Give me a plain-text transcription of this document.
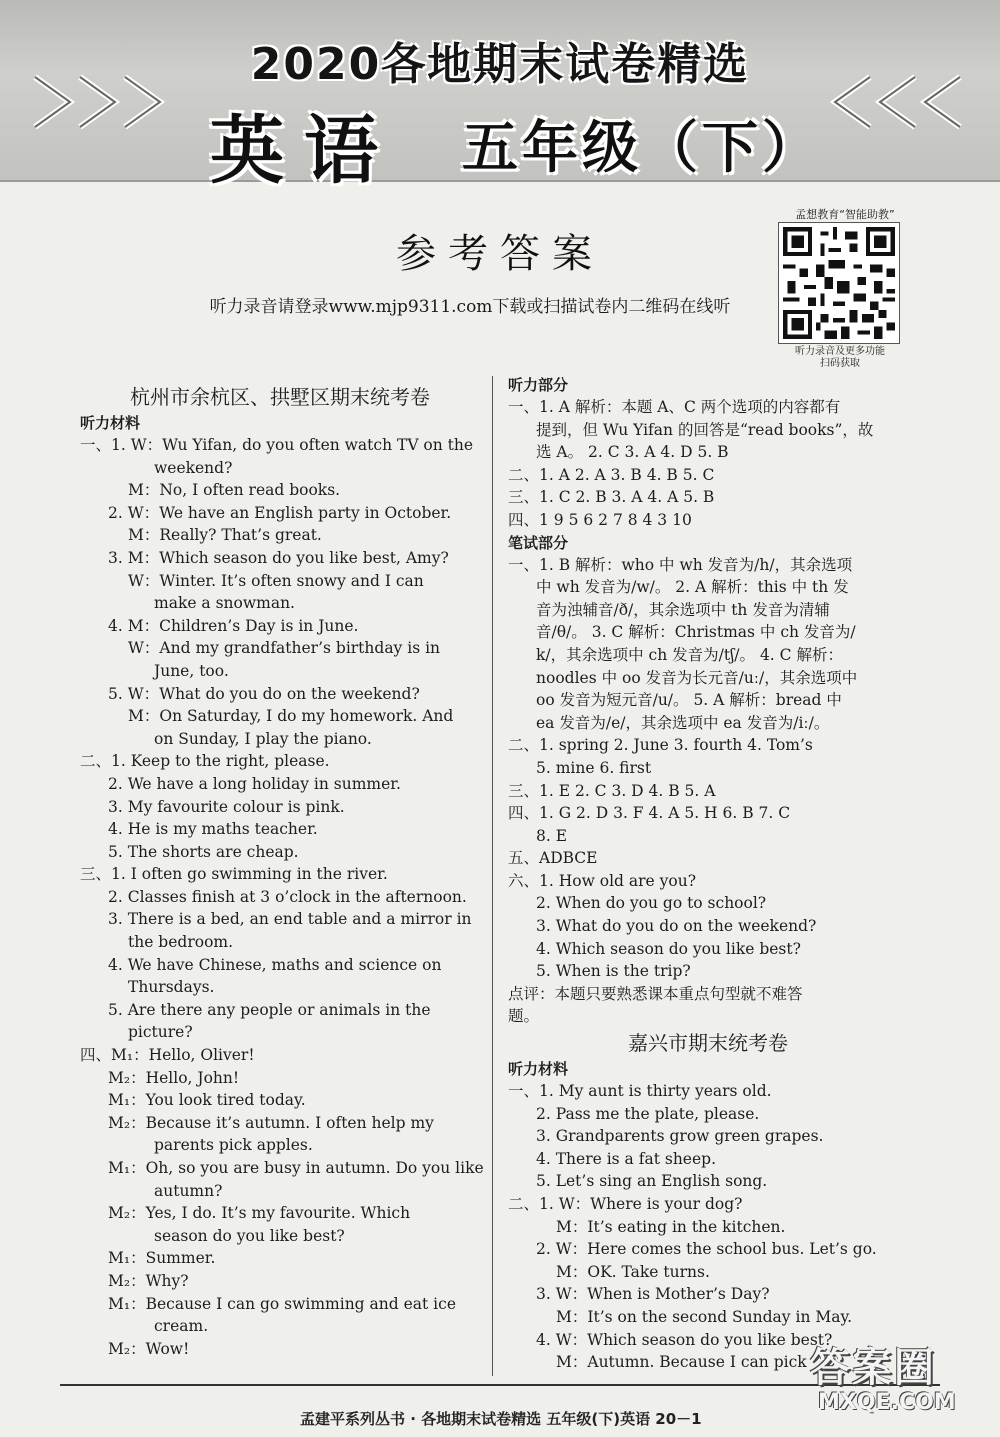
2020各地期末试卷精选
英语 五年级（下）
参考答案
听力录音请登录www.mjp9311.com下载或扫描试卷内二维码在线听
孟想教育“智能助教”
听力录音及更多功能
扫码获取
杭州市余杭区、拱墅区期末统考卷
听力材料
一、1. W：Wu Yifan, do you often watch TV on the
weekend?
M：No, I often read books.
2. W：We have an English party in October.
M：Really? That’s great.
3. M：Which season do you like best, Amy?
W：Winter. It’s often snowy and I can
make a snowman.
4. M：Children’s Day is in June.
W：And my grandfather’s birthday is in
June, too.
5. W：What do you do on the weekend?
M：On Saturday, I do my homework. And
on Sunday, I play the piano.
二、1. Keep to the right, please.
2. We have a long holiday in summer.
3. My favourite colour is pink.
4. He is my maths teacher.
5. The shorts are cheap.
三、1. I often go swimming in the river.
2. Classes finish at 3 o’clock in the afternoon.
3. There is a bed, an end table and a mirror in
the bedroom.
4. We have Chinese, maths and science on
Thursdays.
5. Are there any people or animals in the
picture?
四、M₁：Hello, Oliver!
M₂：Hello, John!
M₁：You look tired today.
M₂：Because it’s autumn. I often help my
parents pick apples.
M₁：Oh, so you are busy in autumn. Do you like
autumn?
M₂：Yes, I do. It’s my favourite. Which
season do you like best?
M₁：Summer.
M₂：Why?
M₁：Because I can go swimming and eat ice
cream.
M₂：Wow!
听力部分
一、1. A 解析：本题 A、C 两个选项的内容都有
提到，但 Wu Yifan 的回答是“read books”，故
选 A。 2. C 3. A 4. D 5. B
二、1. A 2. A 3. B 4. B 5. C
三、1. C 2. B 3. A 4. A 5. B
四、1 9 5 6 2 7 8 4 3 10
笔试部分
一、1. B 解析：who 中 wh 发音为/h/，其余选项
中 wh 发音为/w/。 2. A 解析：this 中 th 发
音为浊辅音/ð/，其余选项中 th 发音为清辅
音/θ/。 3. C 解析：Christmas 中 ch 发音为/
k/，其余选项中 ch 发音为/tʃ/。 4. C 解析：
noodles 中 oo 发音为长元音/uː/，其余选项中
oo 发音为短元音/u/。 5. A 解析：bread 中
ea 发音为/e/，其余选项中 ea 发音为/iː/。
二、1. spring 2. June 3. fourth 4. Tom’s
5. mine 6. first
三、1. E 2. C 3. D 4. B 5. A
四、1. G 2. D 3. F 4. A 5. H 6. B 7. C
8. E
五、ADBCE
六、1. How old are you?
2. When do you go to school?
3. What do you do on the weekend?
4. Which season do you like best?
5. When is the trip?
点评：本题只要熟悉课本重点句型就不难答
题。
嘉兴市期末统考卷
听力材料
一、1. My aunt is thirty years old.
2. Pass me the plate, please.
3. Grandparents grow green grapes.
4. There is a fat sheep.
5. Let’s sing an English song.
二、1. W：Where is your dog?
M：It’s eating in the kitchen.
2. W：Here comes the school bus. Let’s go.
M：OK. Take turns.
3. W：When is Mother’s Day?
M：It’s on the second Sunday in May.
4. W：Which season do you like best?
M：Autumn. Because I can pick
孟建平系列丛书 · 各地期末试卷精选 五年级(下)英语 20－1
答案圈
MXQE.COM
